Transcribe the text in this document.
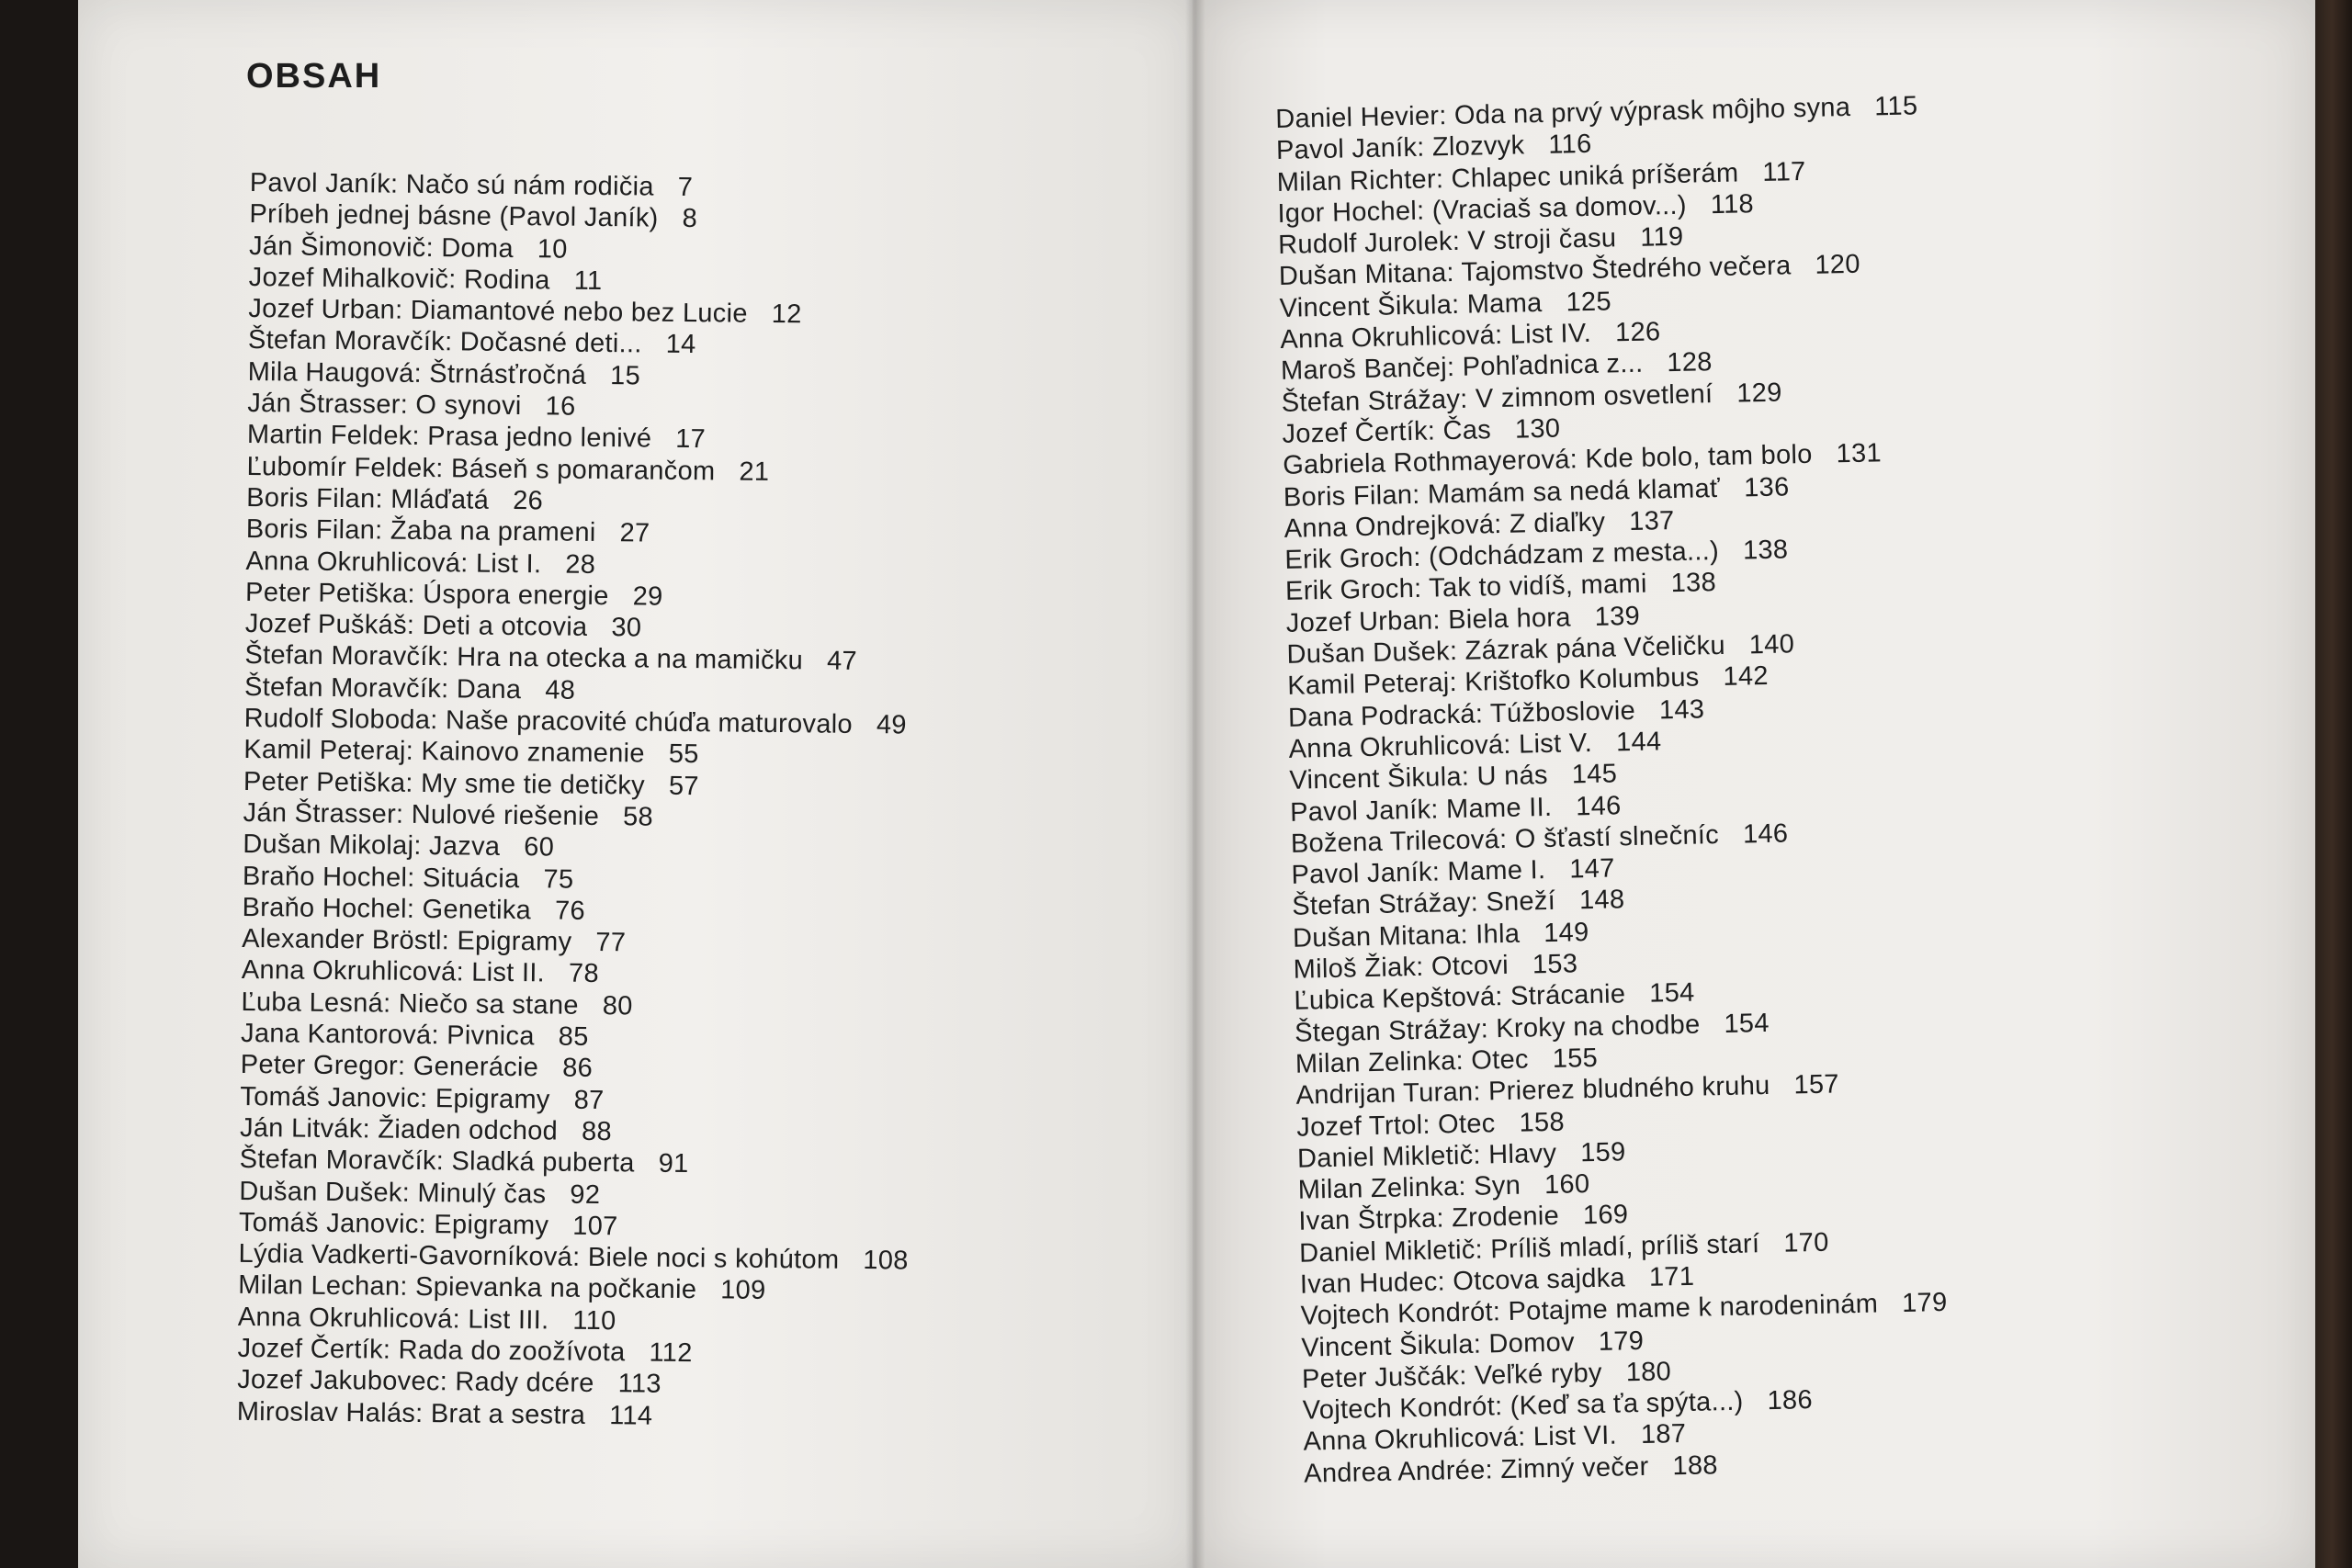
OBSAH
Pavol Janík: Načo sú nám rodičia 7
Príbeh jednej básne (Pavol Janík) 8
Ján Šimonovič: Doma 10
Jozef Mihalkovič: Rodina 11
Jozef Urban: Diamantové nebo bez Lucie 12
Štefan Moravčík: Dočasné deti... 14
Mila Haugová: Štrnásťročná 15
Ján Štrasser: O synovi 16
Martin Feldek: Prasa jedno lenivé 17
Ľubomír Feldek: Báseň s pomarančom 21
Boris Filan: Mláďatá 26
Boris Filan: Žaba na prameni 27
Anna Okruhlicová: List I. 28
Peter Petiška: Úspora energie 29
Jozef Puškáš: Deti a otcovia 30
Štefan Moravčík: Hra na otecka a na mamičku 47
Štefan Moravčík: Dana 48
Rudolf Sloboda: Naše pracovité chúďa maturovalo 49
Kamil Peteraj: Kainovo znamenie 55
Peter Petiška: My sme tie detičky 57
Ján Štrasser: Nulové riešenie 58
Dušan Mikolaj: Jazva 60
Braňo Hochel: Situácia 75
Braňo Hochel: Genetika 76
Alexander Bröstl: Epigramy 77
Anna Okruhlicová: List II. 78
Ľuba Lesná: Niečo sa stane 80
Jana Kantorová: Pivnica 85
Peter Gregor: Generácie 86
Tomáš Janovic: Epigramy 87
Ján Litvák: Žiaden odchod 88
Štefan Moravčík: Sladká puberta 91
Dušan Dušek: Minulý čas 92
Tomáš Janovic: Epigramy 107
Lýdia Vadkerti-Gavorníková: Biele noci s kohútom 108
Milan Lechan: Spievanka na počkanie 109
Anna Okruhlicová: List III. 110
Jozef Čertík: Rada do zoožívota 112
Jozef Jakubovec: Rady dcére 113
Miroslav Halás: Brat a sestra 114
Daniel Hevier: Oda na prvý výprask môjho syna 115
Pavol Janík: Zlozvyk 116
Milan Richter: Chlapec uniká príšerám 117
Igor Hochel: (Vraciaš sa domov...) 118
Rudolf Jurolek: V stroji času 119
Dušan Mitana: Tajomstvo Štedrého večera 120
Vincent Šikula: Mama 125
Anna Okruhlicová: List IV. 126
Maroš Bančej: Pohľadnica z... 128
Štefan Strážay: V zimnom osvetlení 129
Jozef Čertík: Čas 130
Gabriela Rothmayerová: Kde bolo, tam bolo 131
Boris Filan: Mamám sa nedá klamať 136
Anna Ondrejková: Z diaľky 137
Erik Groch: (Odchádzam z mesta...) 138
Erik Groch: Tak to vidíš, mami 138
Jozef Urban: Biela hora 139
Dušan Dušek: Zázrak pána Včeličku 140
Kamil Peteraj: Krištofko Kolumbus 142
Dana Podracká: Túžboslovie 143
Anna Okruhlicová: List V. 144
Vincent Šikula: U nás 145
Pavol Janík: Mame II. 146
Božena Trilecová: O šťastí slnečníc 146
Pavol Janík: Mame I. 147
Štefan Strážay: Sneží 148
Dušan Mitana: Ihla 149
Miloš Žiak: Otcovi 153
Ľubica Kepštová: Strácanie 154
Štegan Strážay: Kroky na chodbe 154
Milan Zelinka: Otec 155
Andrijan Turan: Prierez bludného kruhu 157
Jozef Trtol: Otec 158
Daniel Mikletič: Hlavy 159
Milan Zelinka: Syn 160
Ivan Štrpka: Zrodenie 169
Daniel Mikletič: Príliš mladí, príliš starí 170
Ivan Hudec: Otcova sajdka 171
Vojtech Kondrót: Potajme mame k narodeninám 179
Vincent Šikula: Domov 179
Peter Juščák: Veľké ryby 180
Vojtech Kondrót: (Keď sa ťa spýta...) 186
Anna Okruhlicová: List VI. 187
Andrea Andrée: Zimný večer 188
